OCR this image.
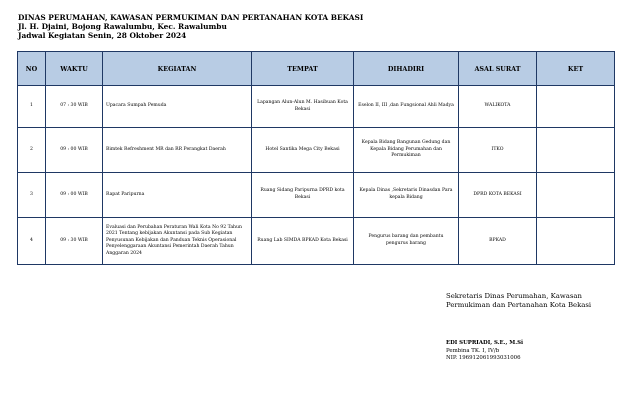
DINAS PERUMAHAN, KAWASAN PERMUKIMAN DAN PERTANAHAN KOTA BEKASI
Jl. H. Djaini, Bojong Rawalumbu, Kec. Rawalumbu
Jadwal Kegiatan Senin, 28 Oktober 2024
NO	WAKTU	KEGIATAN	TEMPAT	DIHADIRI	ASAL SURAT	KET
1	07 : 30 WIB	Upacara Sumpah Pemuda	Lapangan Alun-Alun M. Hasibuan Kota Bekasi	Eselon II, III ,dan Fungsional Ahli Madya	WALIKOTA	
2	09 : 00 WIB	Bimtek Refreshment MR dan RR Perangkat Daerah	Hotel Santika Mega City Bekasi	Kepala Bidang Bangunan Gedung dan Kepala Bidang Perumahan dan Permukiman	ITKO	
3	09 : 00 WIB	Rapat Paripurna	Ruang Sidang Paripurna DPRD kota Bekasi	Kepala Dinas ,Sekretaris Dinasdan Para kepala Bidang	DPRD KOTA BEKASI	
4	09 : 30 WIB	Evaluasi dan Perubahan Peraturan Wali Kota No 92 Tahun 2021 Tentang kebijakan Akuntansi pada Sub Kegiatan Penyusunan Kebijakan dan Panduan Teknis Operasional Penyelenggaraan Akuntansi Pemerintah Daerah Tahun Anggaran 2024	Ruang Lab SIMDA BPKAD Kota Bekasi	Pengurus barang dan pembantu pengurus barang	BPKAD	
Sekretaris Dinas Perumahan, Kawasan
Permukiman dan Pertanahan Kota Bekasi
EDI SUPRIADI, S.E., M.Si
Pembina TK. I, IV/b
NIP. 196912061993031006
